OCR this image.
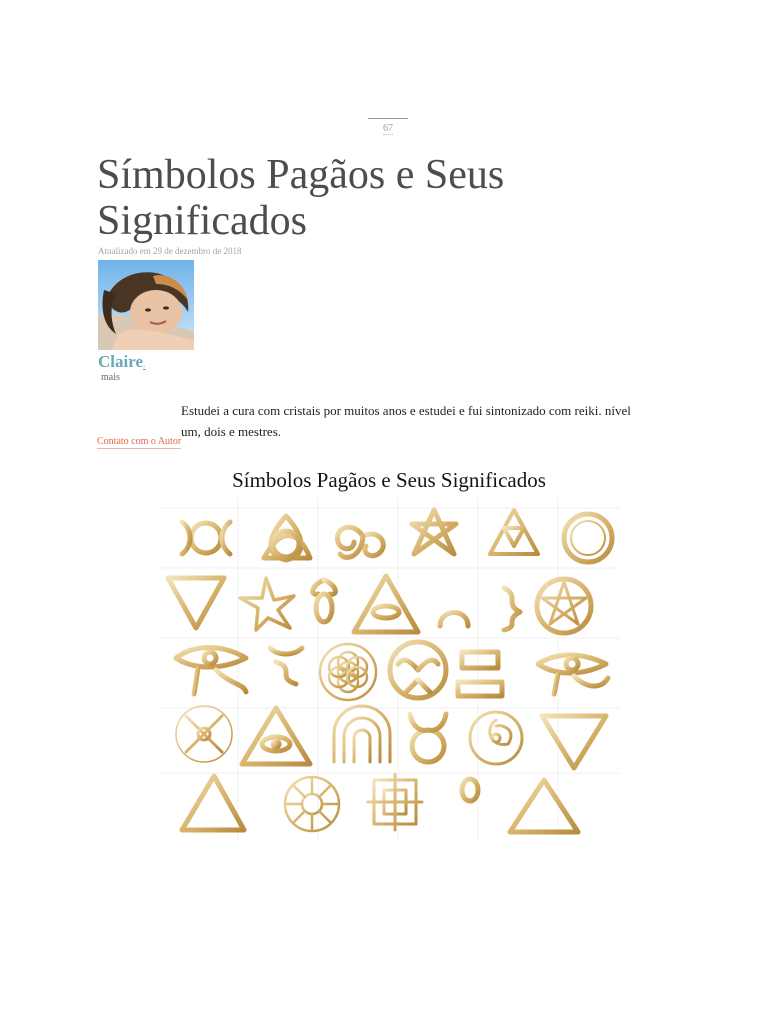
67
Símbolos Pagãos e Seus Significados
Atualizado em 29 de dezembro de 2018
Claire.
mais
Estudei a cura com cristais por muitos anos e estudei e fui sintonizado com reiki. nível um, dois e mestres.
Contato com o Autor
Símbolos Pagãos e Seus Significados
